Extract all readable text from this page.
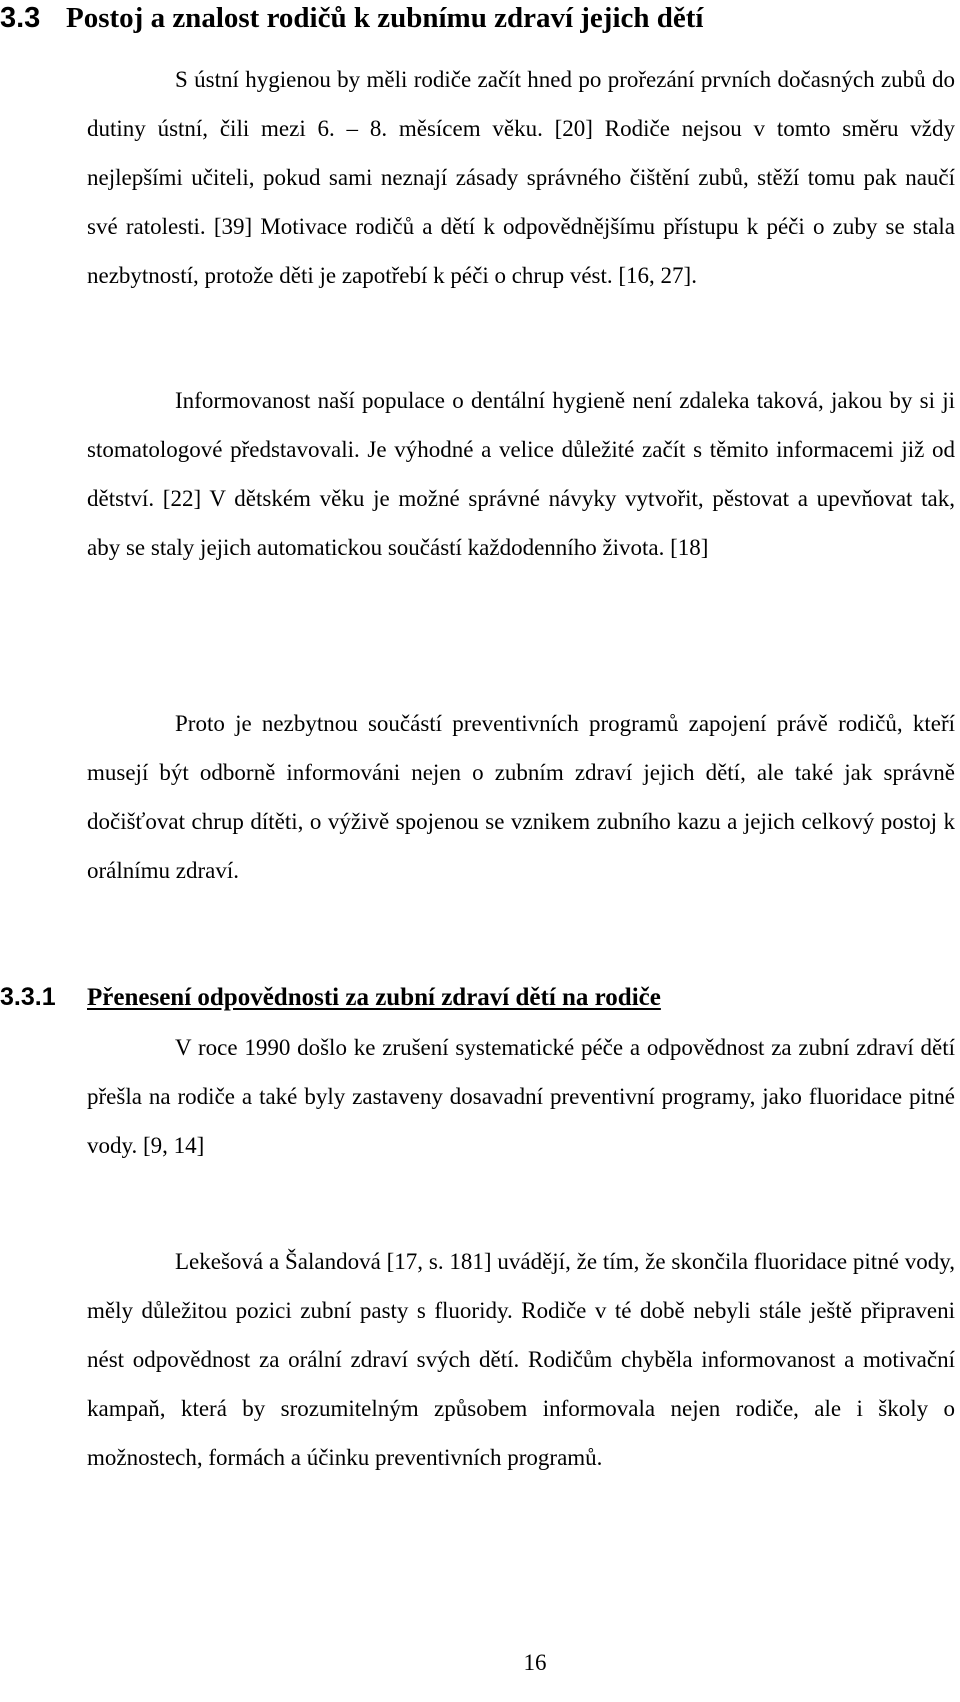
3.3 Postoj a znalost rodičů k zubnímu zdraví jejich dětí

S ústní hygienou by měli rodiče začít hned po prořezání prvních dočasných zubů do dutiny ústní, čili mezi 6. – 8. měsícem věku. [20] Rodiče nejsou v tomto směru vždy nejlepšími učiteli, pokud sami neznají zásady správného čištění zubů, stěží tomu pak naučí své ratolesti. [39] Motivace rodičů a dětí k odpovědnějšímu přístupu k péči o zuby se stala nezbytností, protože děti je zapotřebí k péči o chrup vést. [16, 27].

Informovanost naší populace o dentální hygieně není zdaleka taková, jakou by si ji stomatologové představovali. Je výhodné a velice důležité začít s těmito informacemi již od dětství. [22] V dětském věku je možné správné návyky vytvořit, pěstovat a upevňovat tak, aby se staly jejich automatickou součástí každodenního života. [18]

Proto je nezbytnou součástí preventivních programů zapojení právě rodičů, kteří musejí být odborně informováni nejen o zubním zdraví jejich dětí, ale také jak správně dočišťovat chrup dítěti, o výživě spojenou se vznikem zubního kazu a jejich celkový postoj k orálnímu zdraví.

3.3.1 Přenesení odpovědnosti za zubní zdraví dětí na rodiče

V roce 1990 došlo ke zrušení systematické péče a odpovědnost za zubní zdraví dětí přešla na rodiče a také byly zastaveny dosavadní preventivní programy, jako fluoridace pitné vody. [9, 14]

Lekešová a Šalandová [17, s. 181] uvádějí, že tím, že skončila fluoridace pitné vody, měly důležitou pozici zubní pasty s fluoridy. Rodiče v té době nebyli stále ještě připraveni nést odpovědnost za orální zdraví svých dětí. Rodičům chyběla informovanost a motivační kampaň, která by srozumitelným způsobem informovala nejen rodiče, ale i školy o možnostech, formách a účinku preventivních programů.

16
